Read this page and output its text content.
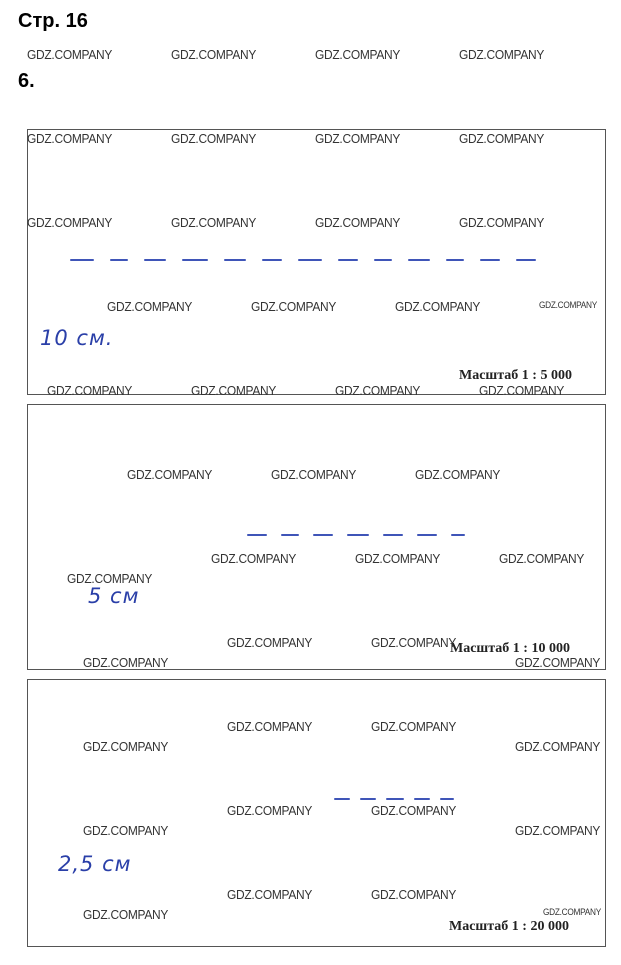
Стр. 16
6.
10 см.
5 см
2,5 см
Масштаб 1 : 5 000
Масштаб 1 : 10 000
Масштаб 1 : 20 000
GDZ.COMPANY	GDZ.COMPANY	GDZ.COMPANY	GDZ.COMPANY
GDZ.COMPANY	GDZ.COMPANY	GDZ.COMPANY	GDZ.COMPANY
GDZ.COMPANY	GDZ.COMPANY	GDZ.COMPANY	GDZ.COMPANY
GDZ.COMPANY	GDZ.COMPANY	GDZ.COMPANY	GDZ.COMPANY
GDZ.COMPANY	GDZ.COMPANY	GDZ.COMPANY	GDZ.COMPANY
GDZ.COMPANY	GDZ.COMPANY	GDZ.COMPANY
GDZ.COMPANY	GDZ.COMPANY	GDZ.COMPANY
GDZ.COMPANY
GDZ.COMPANY	GDZ.COMPANY
GDZ.COMPANY	GDZ.COMPANY
GDZ.COMPANY	GDZ.COMPANY
GDZ.COMPANY	GDZ.COMPANY
GDZ.COMPANY	GDZ.COMPANY
GDZ.COMPANY	GDZ.COMPANY
GDZ.COMPANY	GDZ.COMPANY
GDZ.COMPANY	GDZ.COMPANY
